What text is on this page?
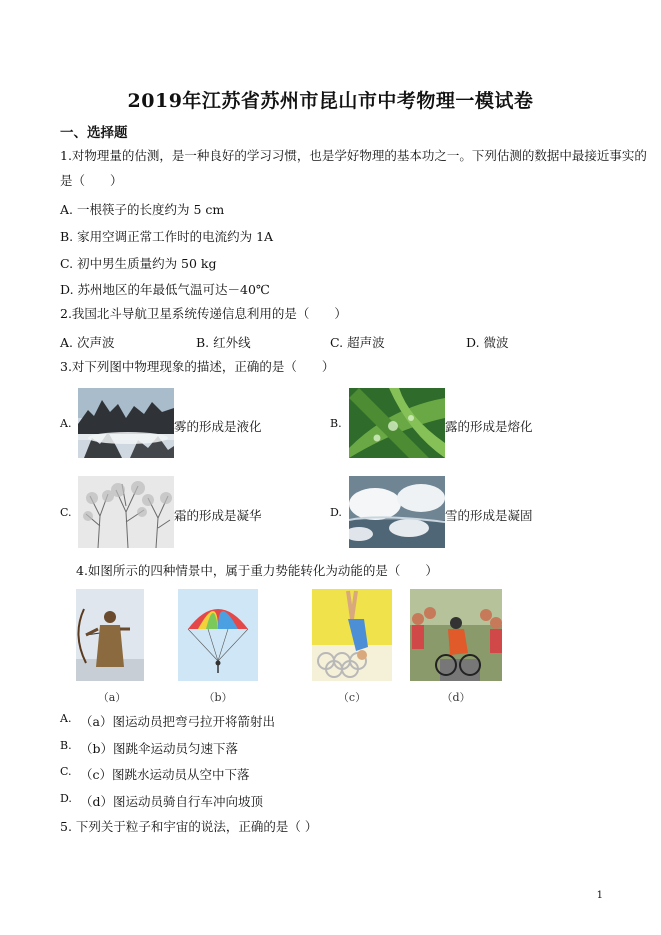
2019年江苏省苏州市昆山市中考物理一模试卷
一、选择题
1.对物理量的估测，是一种良好的学习习惯，也是学好物理的基本功之一。下列估测的数据中最接近事实的
是（　　）
A. 一根筷子的长度约为 5 cm
B. 家用空调正常工作时的电流约为 1A
C. 初中男生质量约为 50 kg
D. 苏州地区的年最低气温可达－40℃
2.我国北斗导航卫星系统传递信息利用的是（　　）
A. 次声波	B. 红外线	C. 超声波	D. 微波
3.对下列图中物理现象的描述，正确的是（　　）
A.	雾的形成是液化	B.	露的形成是熔化
C.	霜的形成是凝华	D.	雪的形成是凝固
4.如图所示的四种情景中，属于重力势能转化为动能的是（　　）
（a）	（b）	（c）	（d）
A. （a）图运动员把弯弓拉开将箭射出
B. （b）图跳伞运动员匀速下落
C. （c）图跳水运动员从空中下落
D. （d）图运动员骑自行车冲向坡顶
5. 下列关于粒子和宇宙的说法，正确的是（ ）
1
